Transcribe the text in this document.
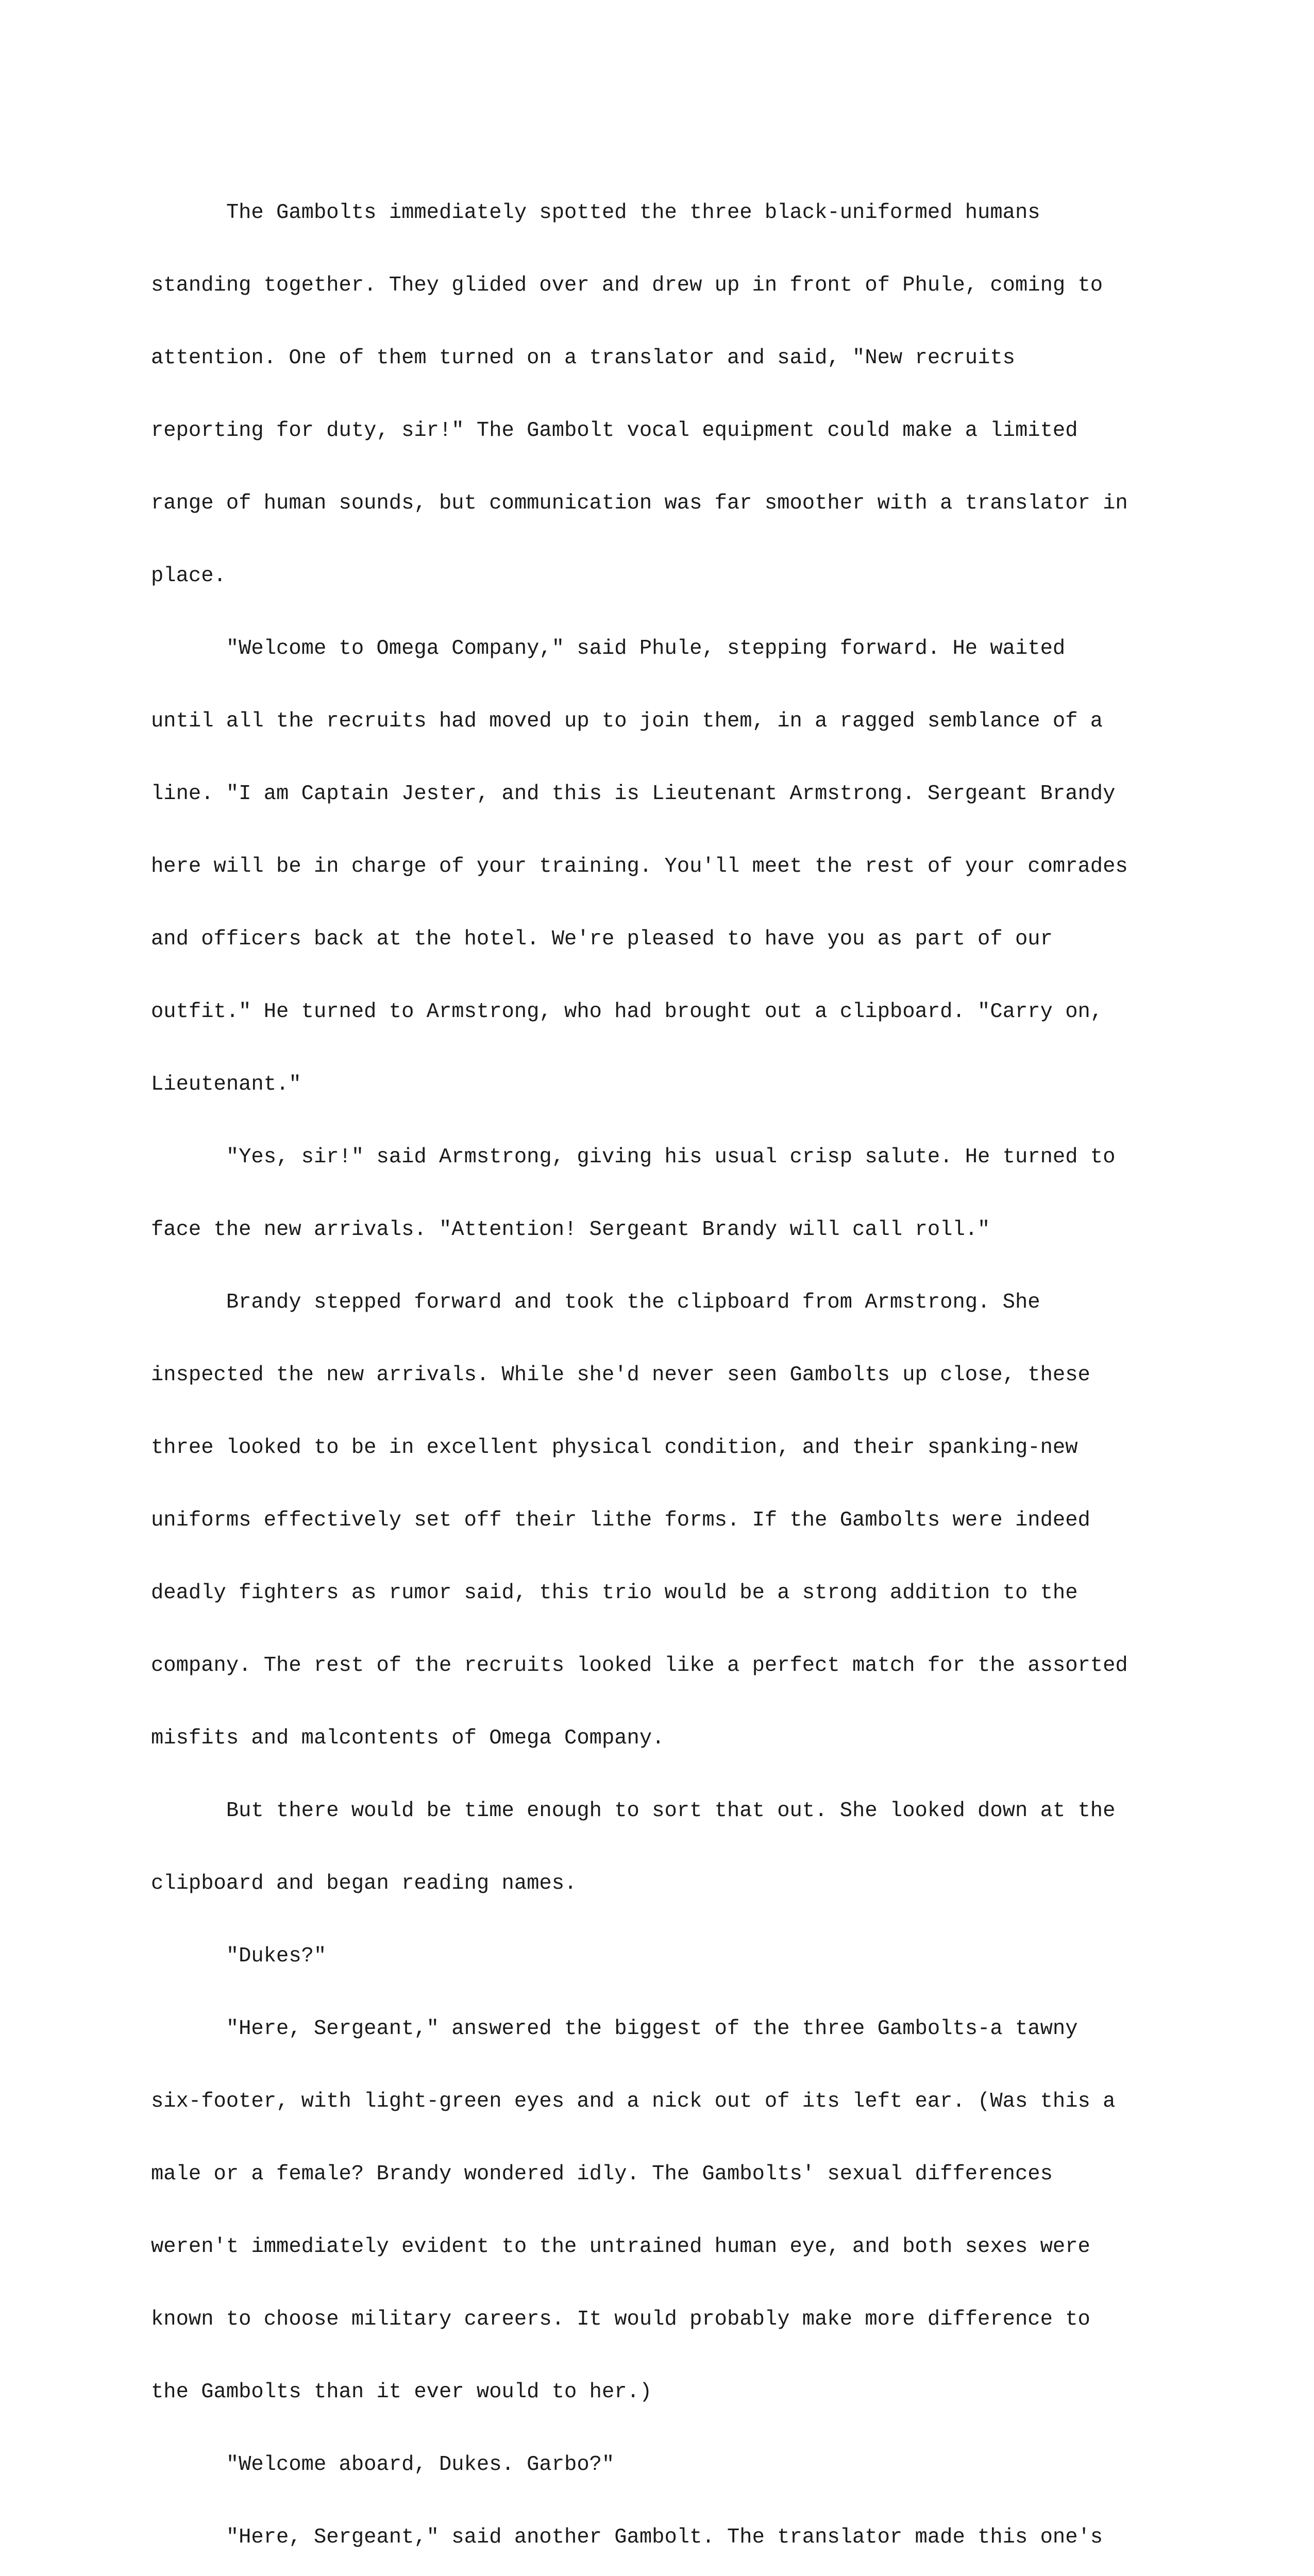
The Gambolts immediately spotted the three black-uniformed humans

standing together. They glided over and drew up in front of Phule, coming to

attention. One of them turned on a translator and said, "New recruits

reporting for duty, sir!" The Gambolt vocal equipment could make a limited

range of human sounds, but communication was far smoother with a translator in

place.

"Welcome to Omega Company," said Phule, stepping forward. He waited

until all the recruits had moved up to join them, in a ragged semblance of a

line. "I am Captain Jester, and this is Lieutenant Armstrong. Sergeant Brandy

here will be in charge of your training. You'll meet the rest of your comrades

and officers back at the hotel. We're pleased to have you as part of our

outfit." He turned to Armstrong, who had brought out a clipboard. "Carry on,

Lieutenant."

"Yes, sir!" said Armstrong, giving his usual crisp salute. He turned to

face the new arrivals. "Attention! Sergeant Brandy will call roll."

Brandy stepped forward and took the clipboard from Armstrong. She

inspected the new arrivals. While she'd never seen Gambolts up close, these

three looked to be in excellent physical condition, and their spanking-new

uniforms effectively set off their lithe forms. If the Gambolts were indeed

deadly fighters as rumor said, this trio would be a strong addition to the

company. The rest of the recruits looked like a perfect match for the assorted

misfits and malcontents of Omega Company.

But there would be time enough to sort that out. She looked down at the

clipboard and began reading names.

"Dukes?"

"Here, Sergeant," answered the biggest of the three Gambolts-a tawny

six-footer, with light-green eyes and a nick out of its left ear. (Was this a

male or a female? Brandy wondered idly. The Gambolts' sexual differences

weren't immediately evident to the untrained human eye, and both sexes were

known to choose military careers. It would probably make more difference to

the Gambolts than it ever would to her.)

"Welcome aboard, Dukes. Garbo?"

"Here, Sergeant," said another Gambolt. The translator made this one's
